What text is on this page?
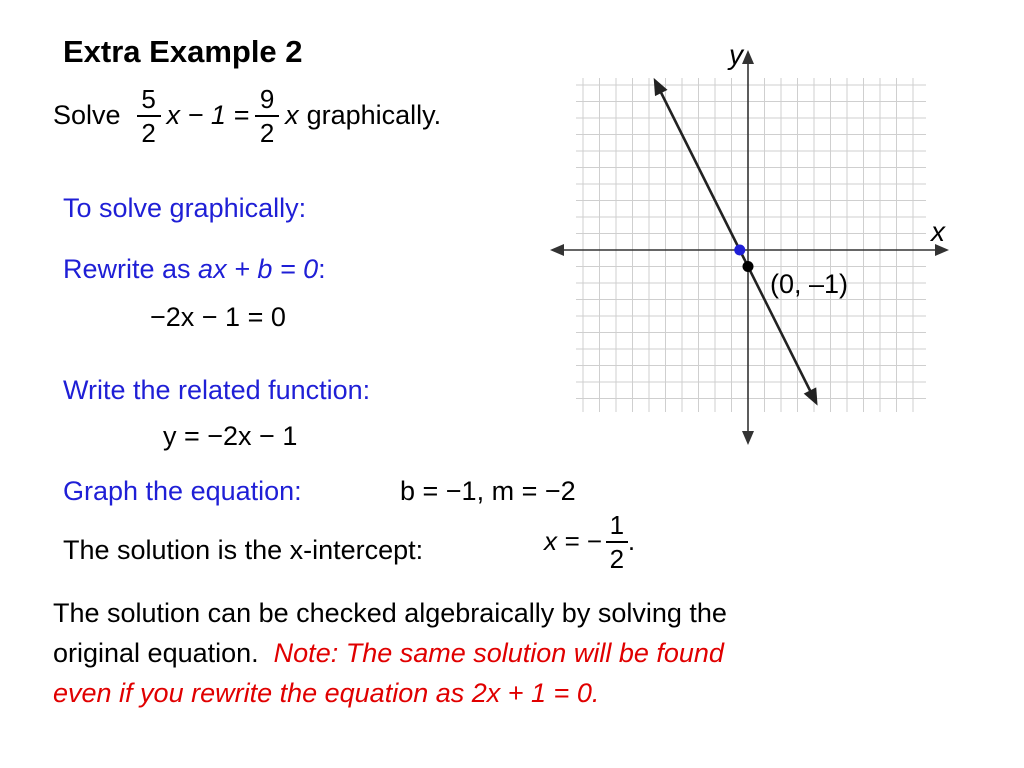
Extra Example 2
Solve $\frac{5}{2}$ $x - 1 = \frac{9}{2}$ x graphically.
To solve graphically:
Rewrite as ax + b = 0:
−2x − 1 = 0
Write the related function:
y = −2x − 1
Graph the equation:	b = −1, m = −2
The solution is the x-intercept:	x = − $\frac{1}{2}$ .
The solution can be checked algebraically by solving the
original equation. Note: The same solution will be found
even if you rewrite the equation as 2x + 1 = 0.
x
y
(0, –1)
